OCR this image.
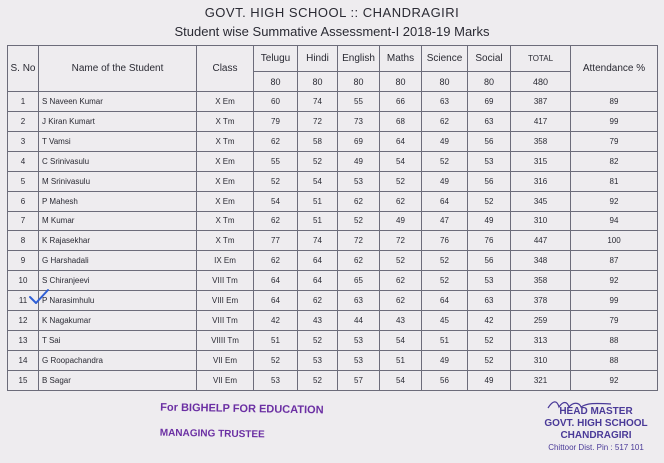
GOVT. HIGH SCHOOL :: CHANDRAGIRI
Student wise Summative Assessment-I 2018-19 Marks
S. No	Name of the Student	Class	Telugu	Hindi	English	Maths	Science	Social	TOTAL	Attendance %
			80	80	80	80	80	80	480	
1	S Naveen Kumar	X Em	60	74	55	66	63	69	387	89
2	J Kiran Kumart	X Tm	79	72	73	68	62	63	417	99
3	T Vamsi	X Tm	62	58	69	64	49	56	358	79
4	C Srinivasulu	X Em	55	52	49	54	52	53	315	82
5	M Srinivasulu	X Em	52	54	53	52	49	56	316	81
6	P Mahesh	X Em	54	51	62	62	64	52	345	92
7	M Kumar	X Tm	62	51	52	49	47	49	310	94
8	K Rajasekhar	X Tm	77	74	72	72	76	76	447	100
9	G Harshadali	IX Em	62	64	62	52	52	56	348	87
10	S Chiranjeevi	VIII Tm	64	64	65	62	52	53	358	92
11	P Narasimhulu	VIII Em	64	62	63	62	64	63	378	99
12	K Nagakumar	VIII Tm	42	43	44	43	45	42	259	79
13	T Sai	VIIII Tm	51	52	53	54	51	52	313	88
14	G Roopachandra	VII Em	52	53	53	51	49	52	310	88
15	B Sagar	VII Em	53	52	57	54	56	49	321	92
For BIGHELP FOR EDUCATION
MANAGING TRUSTEE
HEAD MASTER
GOVT. HIGH SCHOOL
CHANDRAGIRI
Chittoor Dist. Pin : 517 101
